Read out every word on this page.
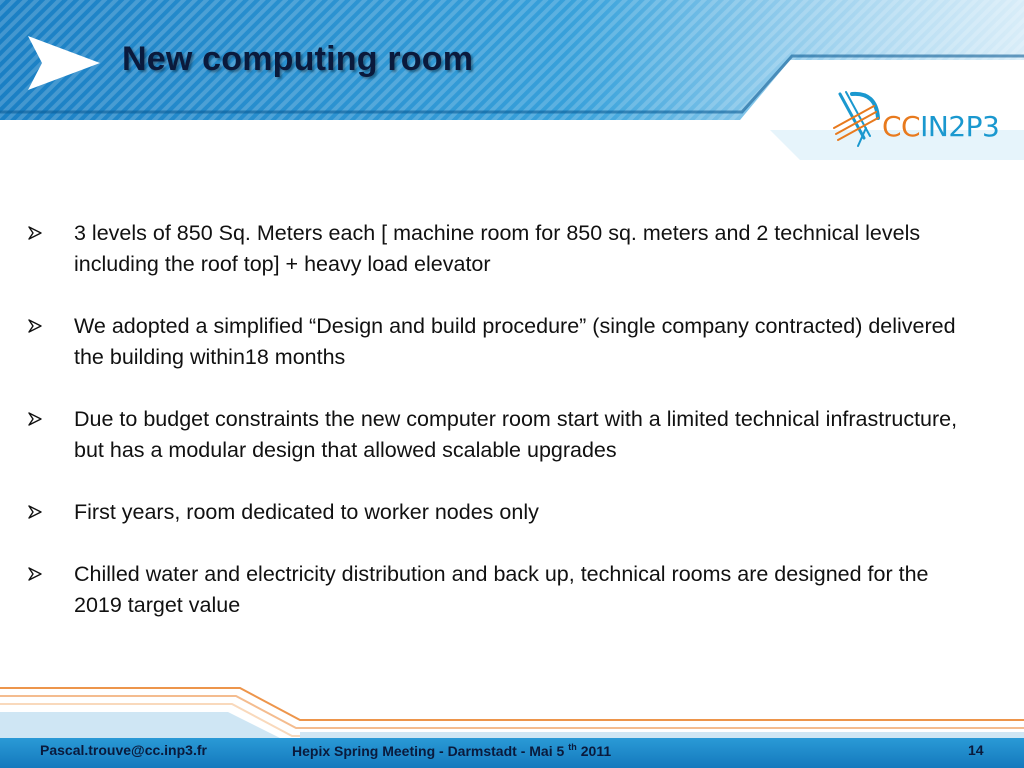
New computing room
CCIN2P3
3 levels of 850 Sq. Meters each [ machine room for 850 sq. meters and 2 technical levels including the roof top] + heavy load elevator
We adopted a simplified “Design and build procedure” (single company contracted) delivered the building within18 months
Due to budget constraints the new computer room start with a limited technical infrastructure, but has a modular design that allowed scalable upgrades
First years, room dedicated to worker nodes only
Chilled water and electricity distribution and back up, technical rooms are designed for the 2019 target value
Pascal.trouve@cc.inp3.fr	Hepix Spring Meeting - Darmstadt - Mai 5 $^{th}$ 2011	14
